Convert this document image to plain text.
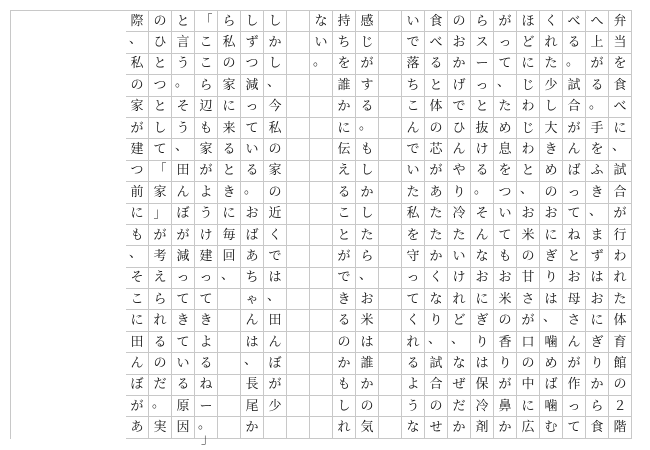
弁
当
を
食
べ
に
、
試
合
が
行
わ
れ
た
体
育
館
の
２
階
へ
上
が
る
。
手
を
ふ
き
、
ま
ず
は
お
に
ぎ
り
か
ら
食
べ
る
。
試
合
が
ん
ば
っ
て
ね
と
お
母
さ
ん
が
作
っ
て
く
れ
た
少
し
大
き
め
の
お
に
ぎ
り
は
、
噛
め
ば
噛
む
ほ
ど
に
じ
わ
じ
わ
と
、
お
米
の
甘
さ
が
口
の
中
に
広
が
っ
て
、
た
め
息
を
つ
い
て
も
お
米
の
香
り
が
鼻
か
ら
ス
ー
っ
と
抜
け
る
。
そ
ん
な
お
に
ぎ
り
は
保
冷
剤
の
お
か
げ
で
ひ
ん
や
り
冷
た
い
け
れ
ど
、
な
ぜ
だ
か
食
べ
る
と
体
の
芯
が
あ
た
た
か
く
な
り
、
試
合
の
せ
い
で
落
ち
こ
ん
で
い
た
私
を
守
っ
て
く
れ
る
よ
う
な
感
じ
が
す
る
。
も
し
か
し
た
ら
、
お
米
は
誰
か
の
気
持
ち
を
誰
か
に
伝
え
る
こ
と
が
で
き
る
の
か
も
し
れ
な
い
。
し
か
し
、
今
私
の
家
の
近
く
で
は
、
田
ん
ぼ
が
少
し
ず
つ
減
っ
て
い
る
。
お
ば
あ
ち
ゃ
ん
は
、
長
尾
か
ら
私
の
家
に
来
る
と
き
に
毎
回
、
「
こ
こ
ら
辺
も
家
が
よ
う
け
建
っ
て
き
よ
る
ね
ー
。
」
と
言
う
。
そ
う
、
田
ん
ぼ
が
減
っ
て
き
て
い
る
原
因
の
ひ
と
つ
と
し
て
「
家
」
が
考
え
ら
れ
る
の
だ
。
実
際
、
私
の
家
が
建
つ
前
に
も
、
そ
こ
に
田
ん
ぼ
が
あ
